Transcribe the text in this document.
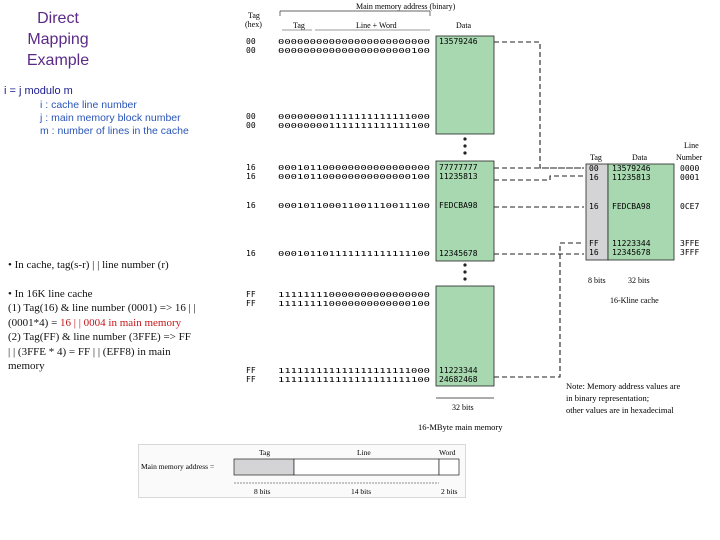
Direct
Mapping
Example
i = j modulo m
i : cache line number
j : main memory block number
m : number of lines in the cache

• In cache, tag(s-r) | | line number (r)

• In 16K line cache
(1) Tag(16) & line number (0001) => 16 | |
(0001*4) = 16 | | 0004 in main memory
(2) Tag(FF) & line number (3FFE) => FF
| | (3FFE * 4) = FF | | (EFF8) in main
memory
Main memory address (binary)
Tag
(hex)	Tag	Line + Word	Data
00	000000000000000000000000 13579246
00	000000000000000000000100
00	000000001111111111111000
00	000000001111111111111100
16	000101100000000000000000 77777777
16	000101100000000000000100 11235813
16	000101100011001110011100 FEDCBA98
16	000101101111111111111100 12345678
FF	111111110000000000000000
FF	111111110000000000000100
FF	111111111111111111111000 11223344
FF	111111111111111111111100 24682468
Tag	Data
Line
Number
00 13579246	0000
16 11235813	0001
16 FEDCBA98	0CE7
FF 11223344	3FFE
16 12345678	3FFF
8 bits	32 bits
16-Kline cache
32 bits
16-MByte main memory
Note: Memory address values are
in binary representation;
other values are in hexadecimal
Main memory address =
Tag	Line	Word
8 bits	14 bits	2 bits
